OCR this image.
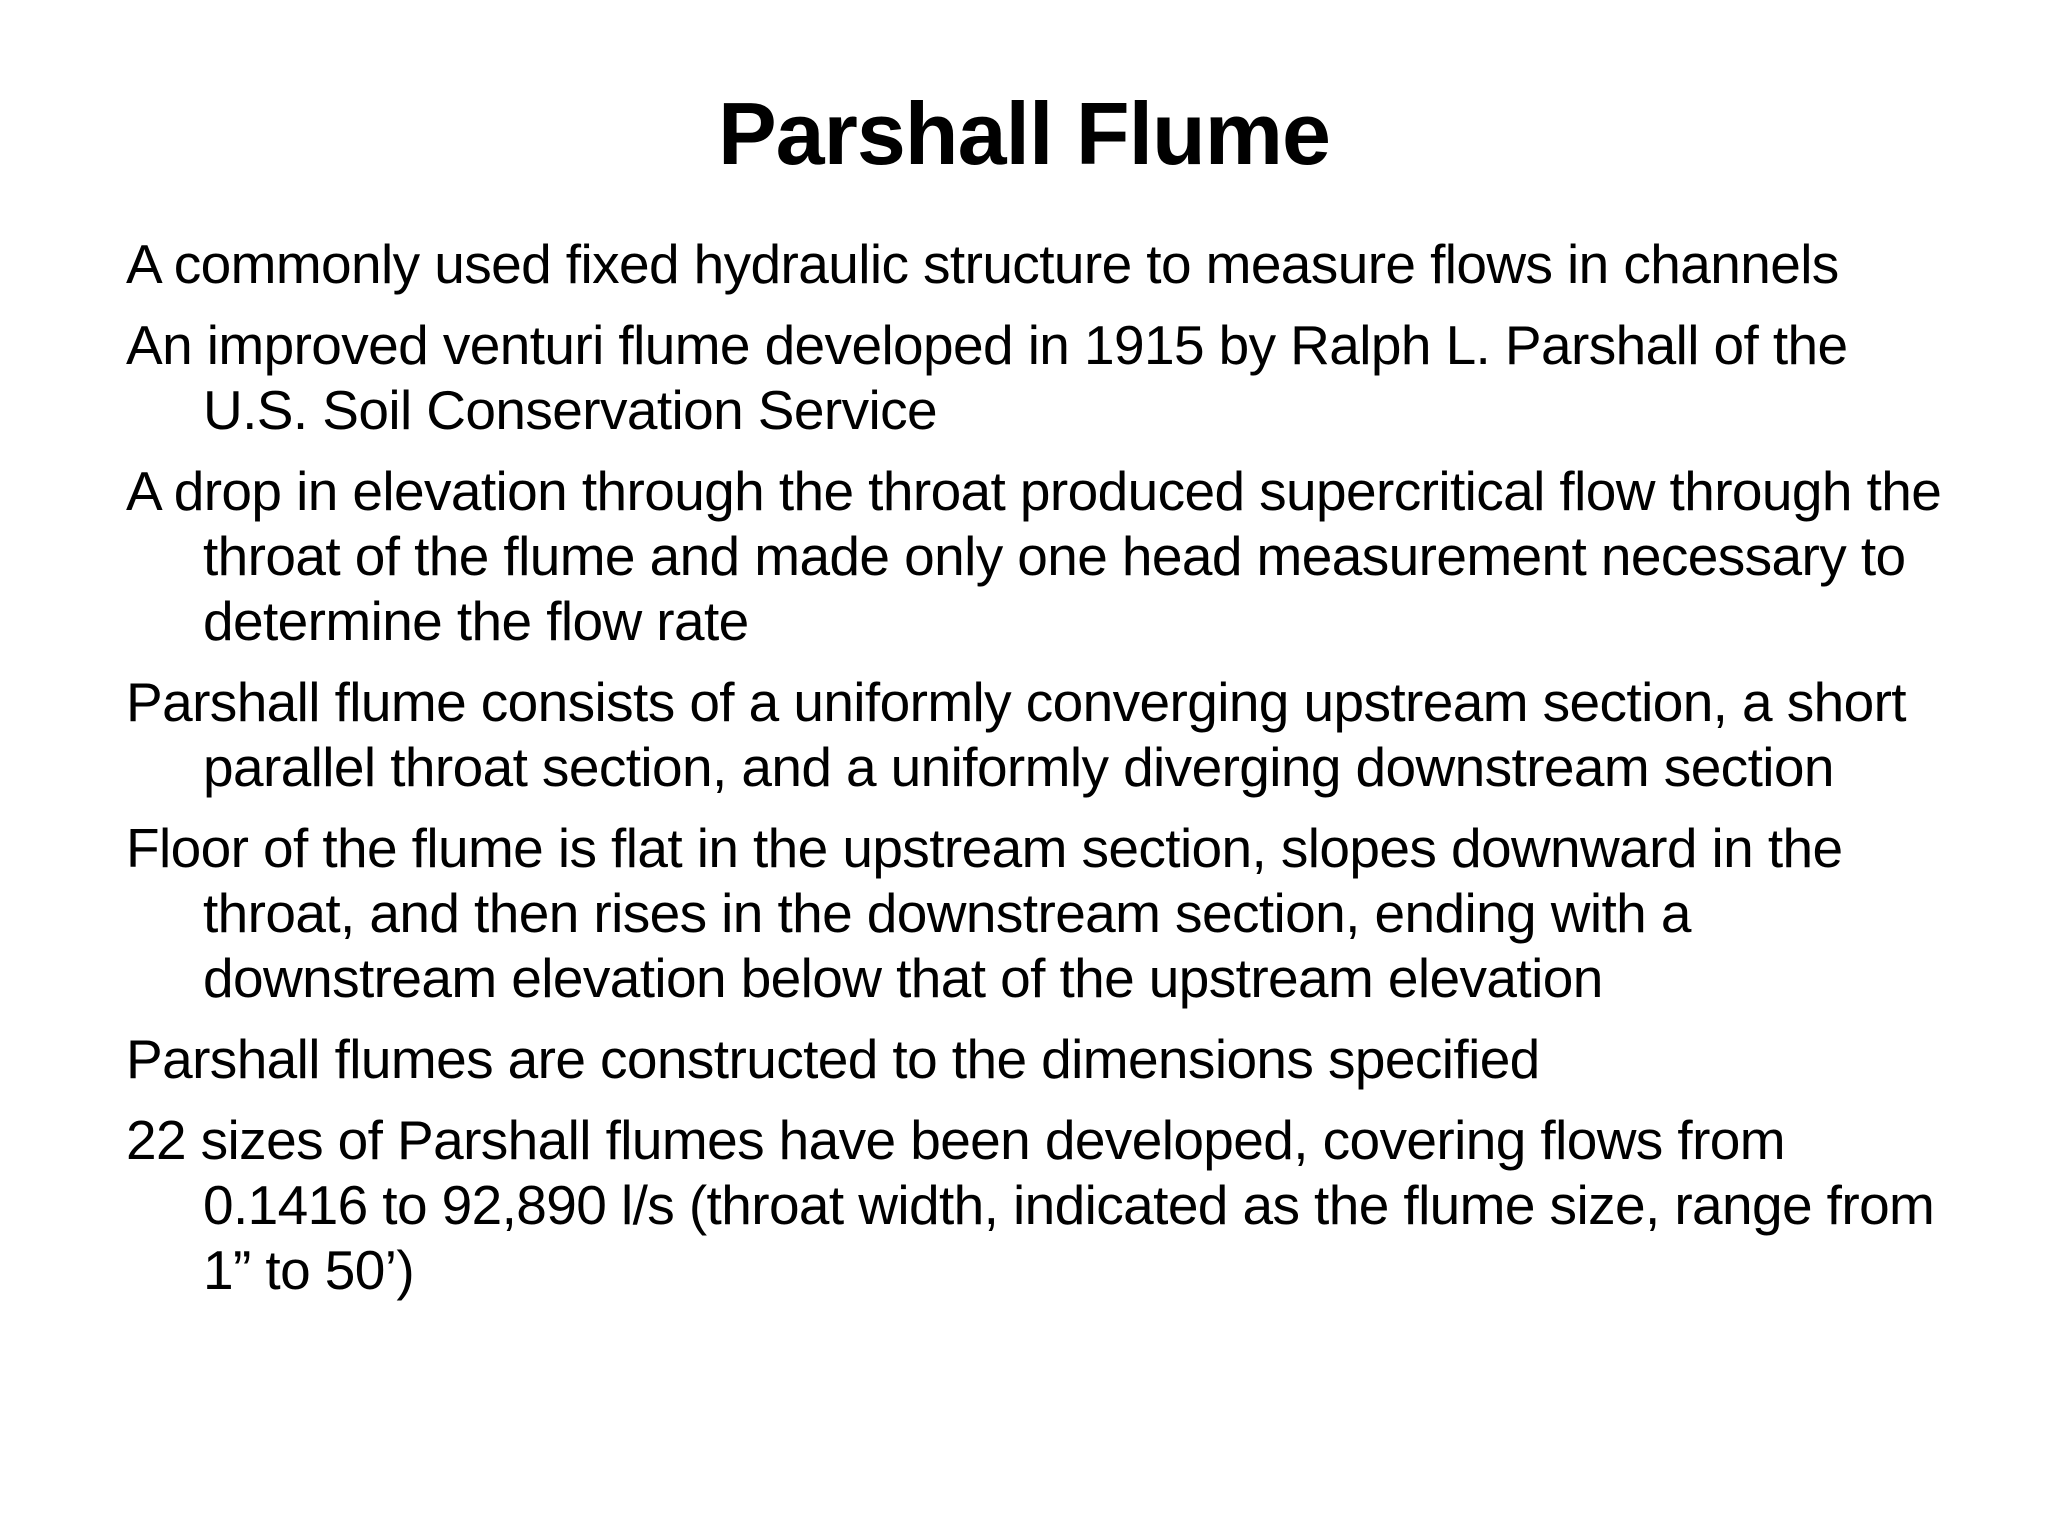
Parshall Flume
A commonly used fixed hydraulic structure to measure flows in channels
An improved venturi flume developed in 1915 by Ralph L. Parshall of the U.S. Soil Conservation Service
A drop in elevation through the throat produced supercritical flow through the throat of the flume and made only one head measurement necessary to determine the flow rate
Parshall flume consists of a uniformly converging upstream section, a short parallel throat section, and a uniformly diverging downstream section
Floor of the flume is flat in the upstream section, slopes downward in the throat, and then rises in the downstream section, ending with a downstream elevation below that of the upstream elevation
Parshall flumes are constructed to the dimensions specified
22 sizes of Parshall flumes have been developed, covering flows from 0.1416 to 92,890 l/s (throat width, indicated as the flume size, range from 1” to 50’)
